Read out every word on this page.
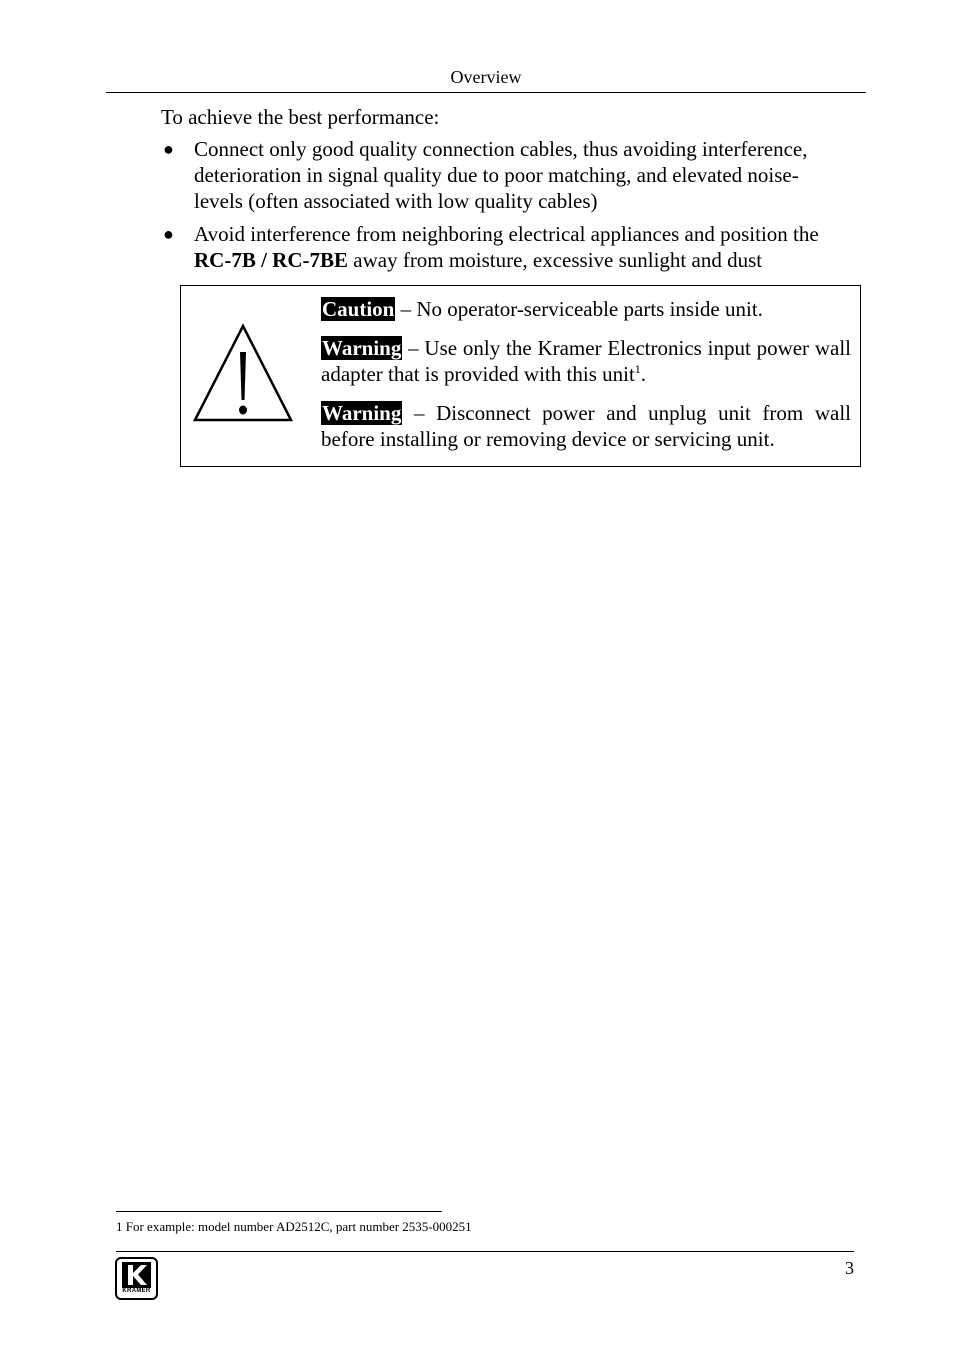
Overview
To achieve the best performance:
● Connect only good quality connection cables, thus avoiding interference, deterioration in signal quality due to poor matching, and elevated noise- levels (often associated with low quality cables)
● Avoid interference from neighboring electrical appliances and position the RC-7B / RC-7BE away from moisture, excessive sunlight and dust

Caution – No operator-serviceable parts inside unit.

Warning – Use only the Kramer Electronics input power wall adapter that is provided with this unit$^1$.

Warning – Disconnect power and unplug unit from wall before installing or removing device or servicing unit.

1 For example: model number AD2512C, part number 2535-000251
KRAMER
3
